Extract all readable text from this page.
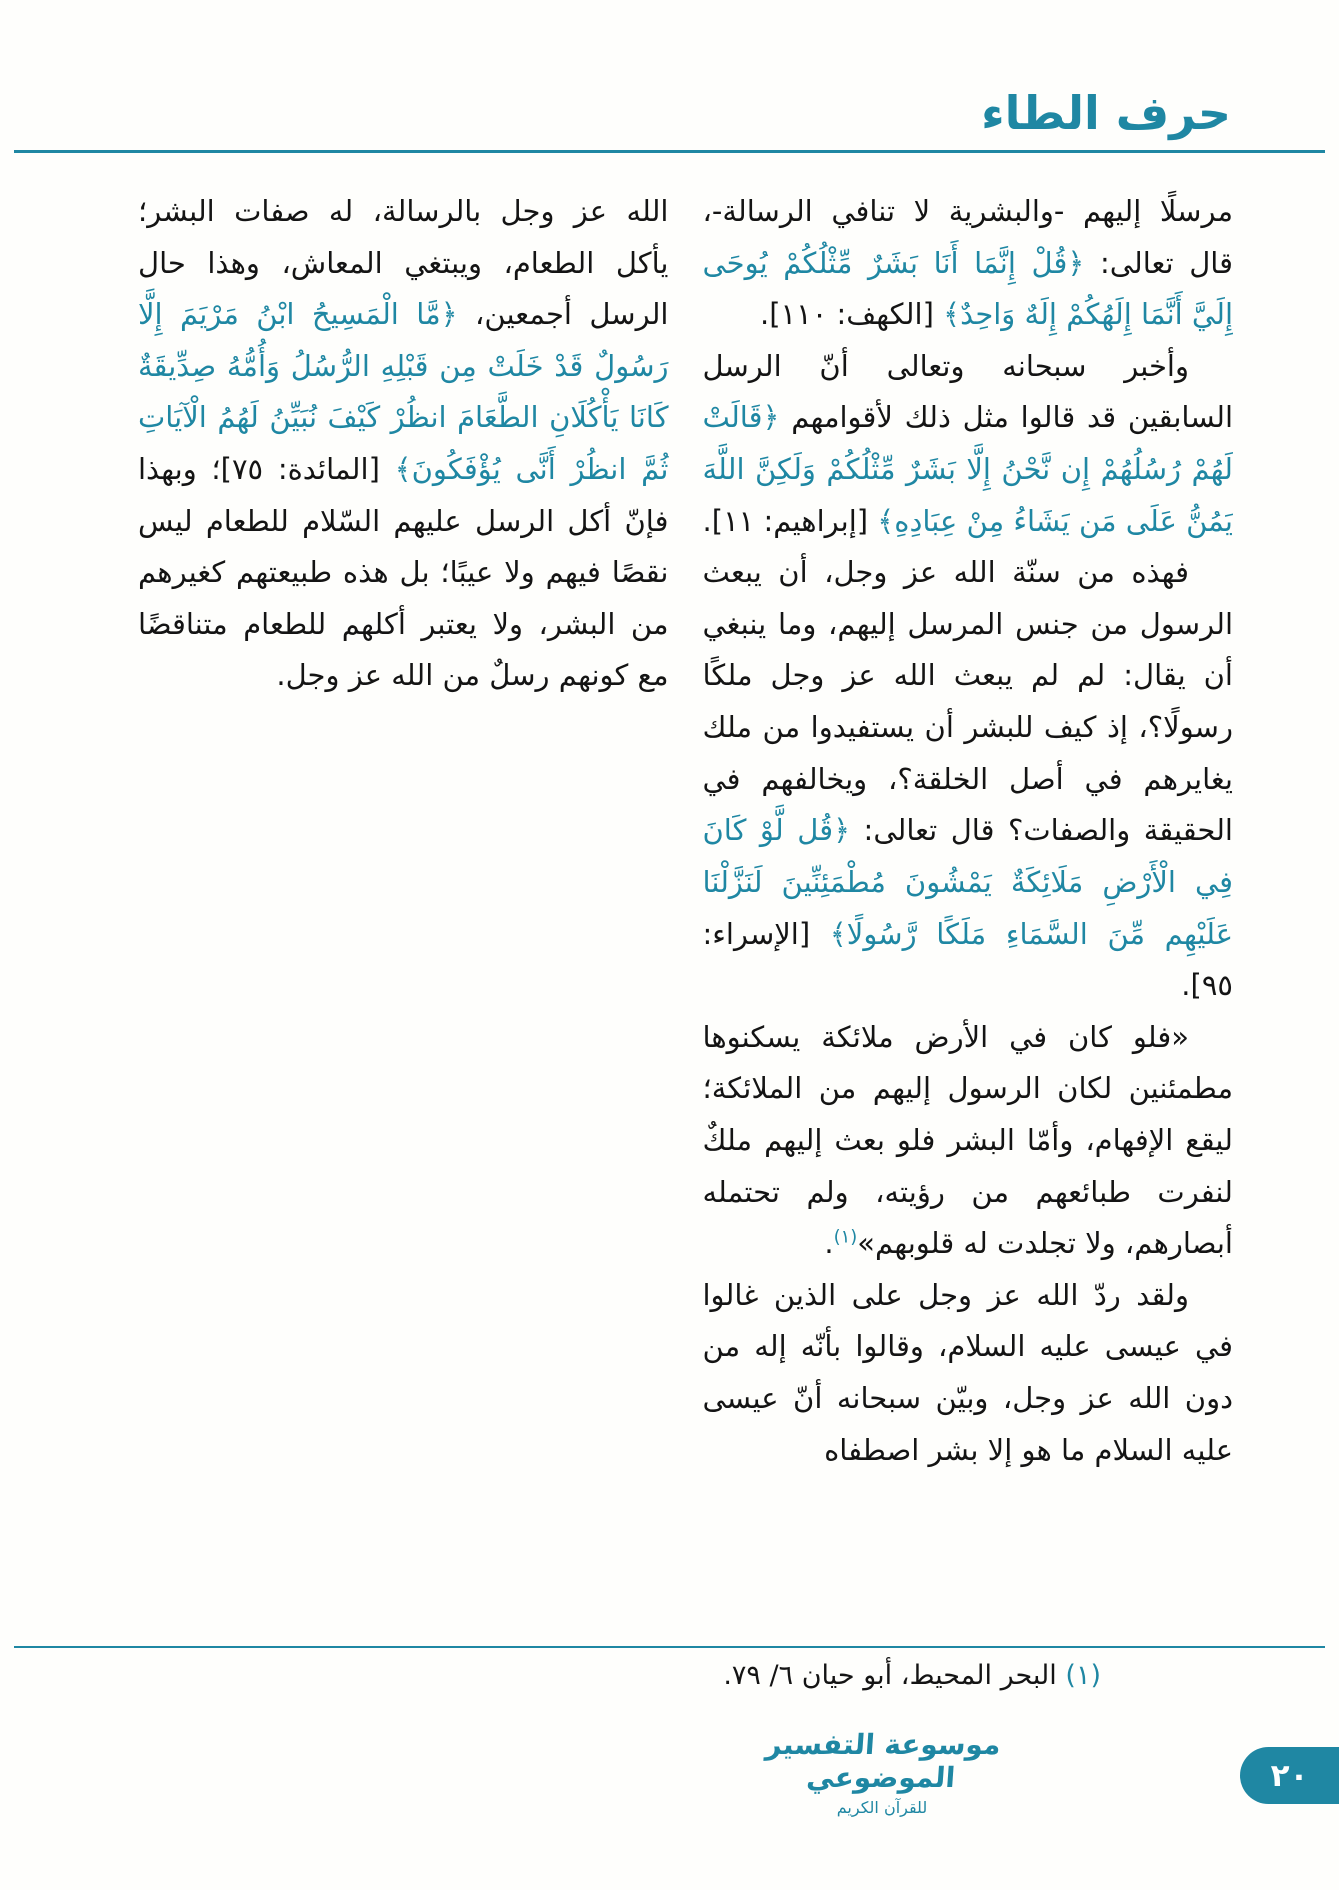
حرف الطاء

مرسلًا إليهم -والبشرية لا تنافي الرسالة-، قال تعالى: ﴿قُلْ إِنَّمَا أَنَا بَشَرٌ مِّثْلُكُمْ يُوحَى إِلَيَّ أَنَّمَا إِلَهُكُمْ إِلَهٌ وَاحِدٌ﴾ [الكهف: ١١٠].

وأخبر سبحانه وتعالى أنّ الرسل السابقين قد قالوا مثل ذلك لأقوامهم ﴿قَالَتْ لَهُمْ رُسُلُهُمْ إِن نَّحْنُ إِلَّا بَشَرٌ مِّثْلُكُمْ وَلَكِنَّ اللَّهَ يَمُنُّ عَلَى مَن يَشَاءُ مِنْ عِبَادِهِ﴾ [إبراهيم: ١١].

فهذه من سنّة الله عز وجل، أن يبعث الرسول من جنس المرسل إليهم، وما ينبغي أن يقال: لم لم يبعث الله عز وجل ملكًا رسولًا؟، إذ كيف للبشر أن يستفيدوا من ملك يغايرهم في أصل الخلقة؟، ويخالفهم في الحقيقة والصفات؟ قال تعالى: ﴿قُل لَّوْ كَانَ فِي الْأَرْضِ مَلَائِكَةٌ يَمْشُونَ مُطْمَئِنِّينَ لَنَزَّلْنَا عَلَيْهِم مِّنَ السَّمَاءِ مَلَكًا رَّسُولًا﴾ [الإسراء: ٩٥].

«فلو كان في الأرض ملائكة يسكنوها مطمئنين لكان الرسول إليهم من الملائكة؛ ليقع الإفهام، وأمّا البشر فلو بعث إليهم ملكٌ لنفرت طبائعهم من رؤيته، ولم تحتمله أبصارهم، ولا تجلدت له قلوبهم»$^{(١)}$.

ولقد ردّ الله عز وجل على الذين غالوا في عيسى عليه السلام، وقالوا بأنّه إله من دون الله عز وجل، وبيّن سبحانه أنّ عيسى عليه السلام ما هو إلا بشر اصطفاه

الله عز وجل بالرسالة، له صفات البشر؛ يأكل الطعام، ويبتغي المعاش، وهذا حال الرسل أجمعين، ﴿مَّا الْمَسِيحُ ابْنُ مَرْيَمَ إِلَّا رَسُولٌ قَدْ خَلَتْ مِن قَبْلِهِ الرُّسُلُ وَأُمُّهُ صِدِّيقَةٌ كَانَا يَأْكُلَانِ الطَّعَامَ انظُرْ كَيْفَ نُبَيِّنُ لَهُمُ الْآيَاتِ ثُمَّ انظُرْ أَنَّى يُؤْفَكُونَ﴾ [المائدة: ٧٥]؛ وبهذا فإنّ أكل الرسل عليهم السّلام للطعام ليس نقصًا فيهم ولا عيبًا؛ بل هذه طبيعتهم كغيرهم من البشر، ولا يعتبر أكلهم للطعام متناقضًا مع كونهم رسلٌ من الله عز وجل.

(١) البحر المحيط، أبو حيان ٦/ ٧٩.
موسوعة التفسير الموضوعي
للقرآن الكريم
٢٠
